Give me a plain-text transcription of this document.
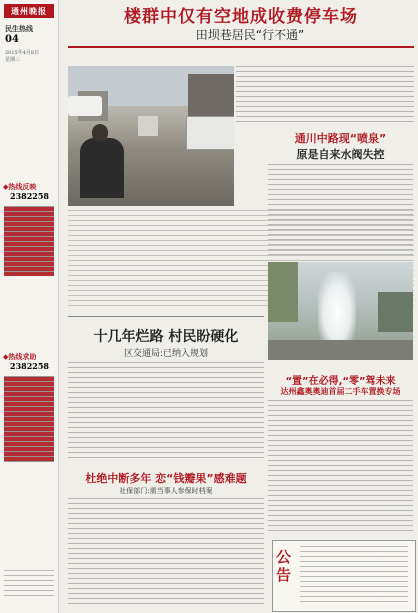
通州晚报
民生热线
04
2015年4月8日
星期三
◆热线反映
2382258
◆热线求助
2382258
楼群中仅有空地成收费停车场
田坝巷居民“行不通”
通川中路现“喷泉”
原是自来水阀失控
十几年烂路 村民盼硬化
区交通局:已纳入规划
杜绝中断多年 恋“钱瓣果”感难题
社保部门:需当事人参保时档案
“置”在必得,“零”驾未来
达州鑫奥奥迪首届二手车置换专场
公告
